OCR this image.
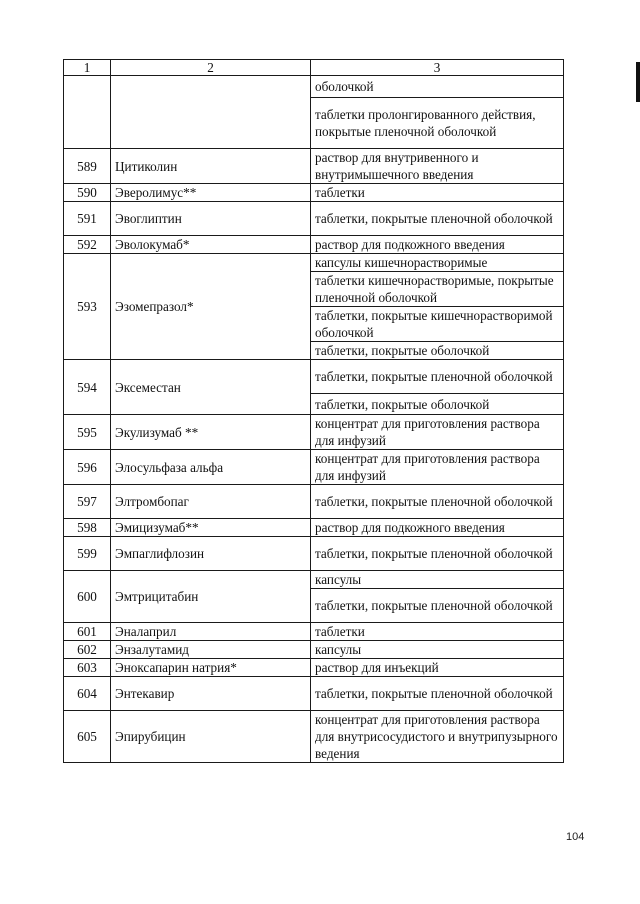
1	2	3
		оболочкой
		таблетки пролонгированного действия, покрытые пленочной оболочкой
589	Цитиколин	раствор для внутривенного и внутримышечного введения
590	Эверолимус**	таблетки
591	Эвоглиптин	таблетки, покрытые пленочной оболочкой
592	Эволокумаб*	раствор для подкожного введения
593	Эзомепразол*	капсулы кишечнорастворимые
		таблетки кишечнорастворимые, покрытые пленочной оболочкой
		таблетки, покрытые кишечнорастворимой оболочкой
		таблетки, покрытые оболочкой
594	Эксеместан	таблетки, покрытые пленочной оболочкой
		таблетки, покрытые оболочкой
595	Экулизумаб **	концентрат для приготовления раствора для инфузий
596	Элосульфаза альфа	концентрат для приготовления раствора для инфузий
597	Элтромбопаг	таблетки, покрытые пленочной оболочкой
598	Эмицизумаб**	раствор для подкожного введения
599	Эмпаглифлозин	таблетки, покрытые пленочной оболочкой
600	Эмтрицитабин	капсулы
		таблетки, покрытые пленочной оболочкой
601	Эналаприл	таблетки
602	Энзалутамид	капсулы
603	Эноксапарин натрия*	раствор для инъекций
604	Энтекавир	таблетки, покрытые пленочной оболочкой
605	Эпирубицин	концентрат для приготовления раствора для внутрисосудистого и внутрипузырного ведения
104
